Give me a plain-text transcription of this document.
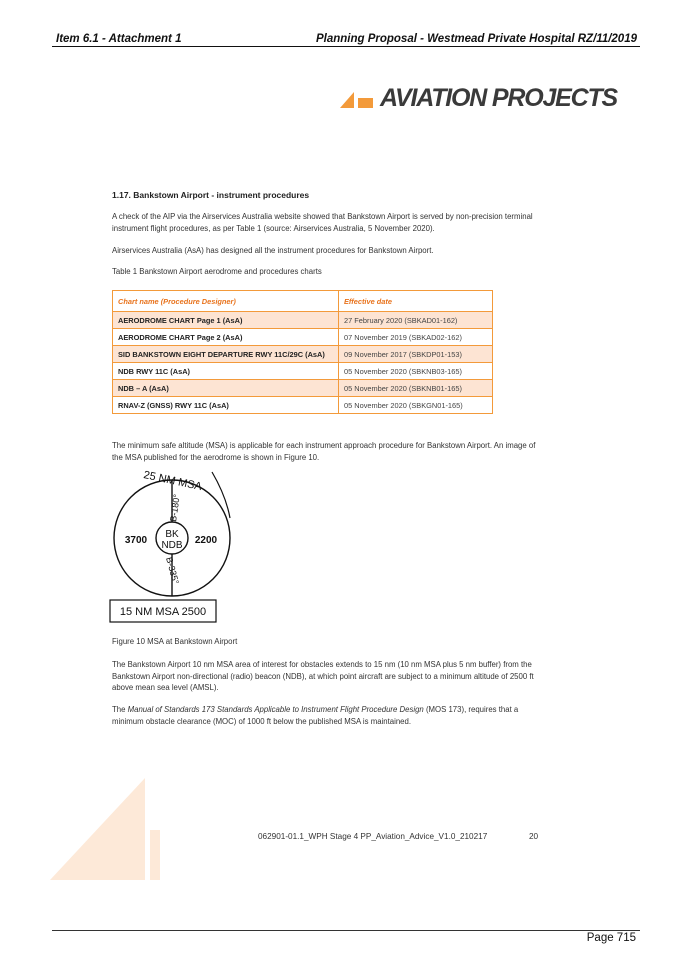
Item 6.1 - Attachment 1	Planning Proposal - Westmead Private Hospital RZ/11/2019
AVIATION PROJECTS
1.17. Bankstown Airport - instrument procedures
A check of the AIP via the Airservices Australia website showed that Bankstown Airport is served by non-precision terminal instrument flight procedures, as per Table 1 (source: Airservices Australia, 5 November 2020).
Airservices Australia (AsA) has designed all the instrument procedures for Bankstown Airport.
Table 1 Bankstown Airport aerodrome and procedures charts
Chart name (Procedure Designer)	Effective date
AERODROME CHART Page 1 (AsA)	27 February 2020 (SBKAD01-162)
AERODROME CHART Page 2 (AsA)	07 November 2019 (SBKAD02-162)
SID BANKSTOWN EIGHT DEPARTURE RWY 11C/29C (AsA)	09 November 2017 (SBKDP01-153)
NDB RWY 11C (AsA)	05 November 2020 (SBKNB03-165)
NDB – A (AsA)	05 November 2020 (SBKNB01-165)
RNAV-Z (GNSS) RWY 11C (AsA)	05 November 2020 (SBKGN01-165)
The minimum safe altitude (MSA) is applicable for each instrument approach procedure for Bankstown Airport. An image of the MSA published for the aerodrome is shown in Figure 10.
25 NM MSA
B-180°
B-335°
3700	2200
BK
NDB
15 NM MSA 2500
Figure 10 MSA at Bankstown Airport
The Bankstown Airport 10 nm MSA area of interest for obstacles extends to 15 nm (10 nm MSA plus 5 nm buffer) from the Bankstown Airport non-directional (radio) beacon (NDB), at which point aircraft are subject to a minimum altitude of 2500 ft above mean sea level (AMSL).
The Manual of Standards 173 Standards Applicable to Instrument Flight Procedure Design (MOS 173), requires that a minimum obstacle clearance (MOC) of 1000 ft below the published MSA is maintained.
062901-01.1_WPH Stage 4 PP_Aviation_Advice_V1.0_210217	20
Page 715
